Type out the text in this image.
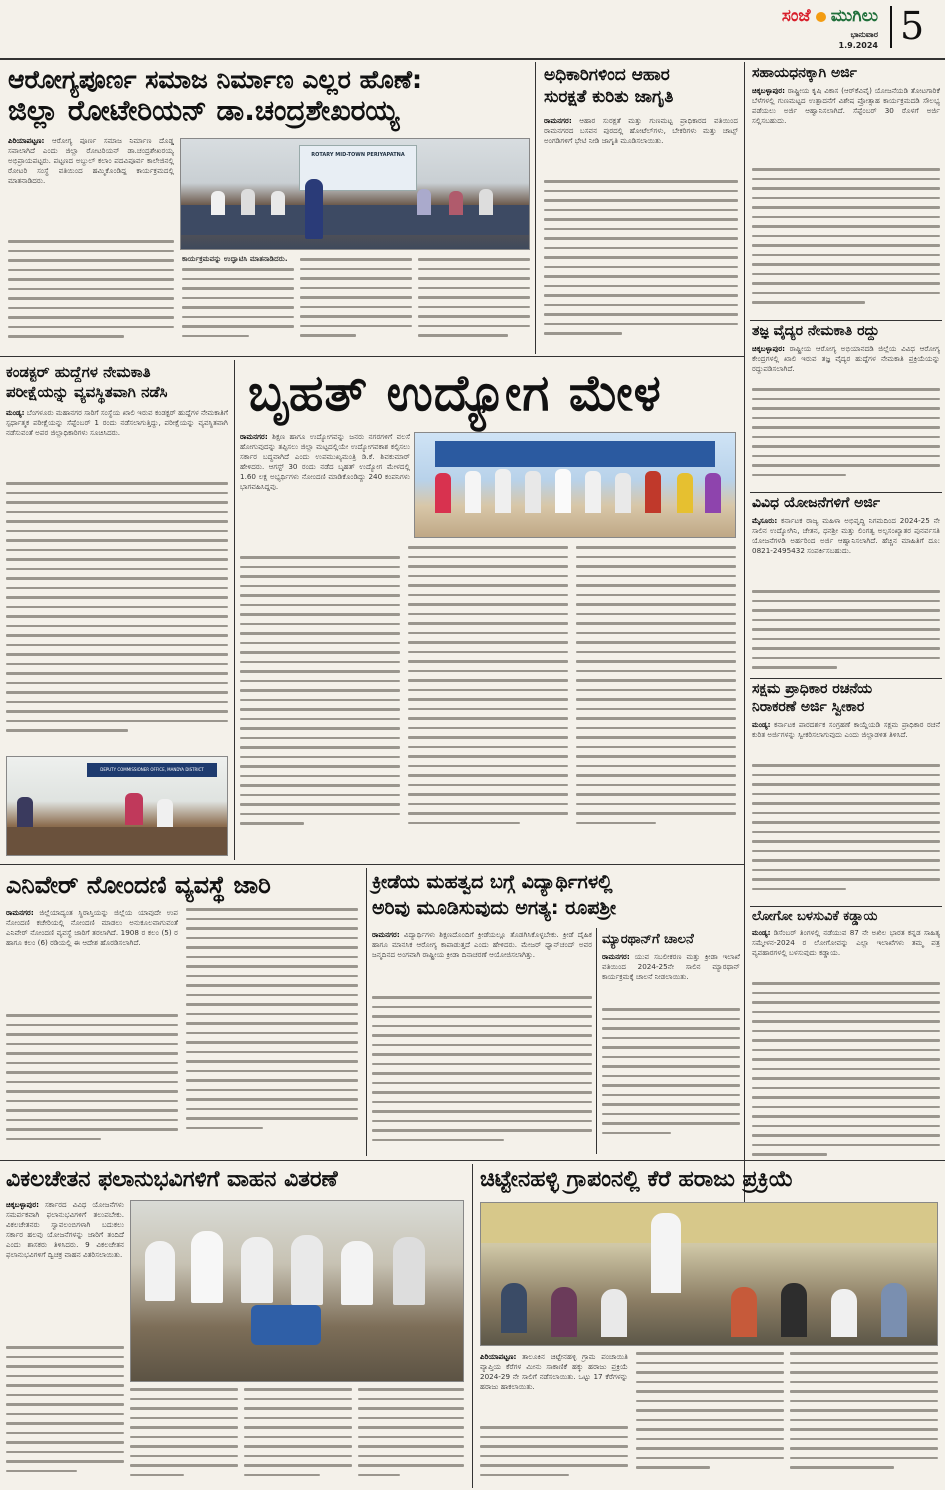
ಸಂಜೆ ಮುಗಿಲು
ಭಾನುವಾರ
1.9.2024 5
ಆರೋಗ್ಯಪೂರ್ಣ ಸಮಾಜ ನಿರ್ಮಾಣ ಎಲ್ಲರ ಹೊಣೆ:
ಜಿಲ್ಲಾ ರೋಟೇರಿಯನ್ ಡಾ.ಚಂದ್ರಶೇಖರಯ್ಯ
ಪಿರಿಯಾಪಟ್ಟಣ: ಆರೋಗ್ಯ ಪೂರ್ಣ ಸಮಾಜ ನಿರ್ಮಾಣ ದೊಡ್ಡ ಸವಾಲಾಗಿದೆ ಎಂದು ಜಿಲ್ಲಾ ರೋಟರಿಯನ್ ಡಾ.ಚಂದ್ರಶೇಖರಯ್ಯ ಅಭಿಪ್ರಾಯಪಟ್ಟರು. ಪಟ್ಟಣದ ಅಬ್ದುಲ್ ಕಲಾಂ ಪದವಿಪೂರ್ವ ಕಾಲೇಜಿನಲ್ಲಿ ರೋಟರಿ ಸಂಸ್ಥೆ ವತಿಯಿಂದ ಹಮ್ಮಿಕೊಂಡಿದ್ದ ಕಾರ್ಯಕ್ರಮದಲ್ಲಿ ಮಾತನಾಡಿದರು.
ROTARY MID-TOWN PERIYAPATNA
ಕಾರ್ಯಕ್ರಮವನ್ನು ಉದ್ಘಾಟಿಸಿ ಮಾತನಾಡಿದರು.
ಅಧಿಕಾರಿಗಳಿಂದ ಆಹಾರ
ಸುರಕ್ಷತೆ ಕುರಿತು ಜಾಗೃತಿ
ರಾಮನಗರ: ಆಹಾರ ಸುರಕ್ಷತೆ ಮತ್ತು ಗುಣಮಟ್ಟ ಪ್ರಾಧಿಕಾರದ ವತಿಯಿಂದ ರಾಮನಗರದ ಬಸವನ ಪುರದಲ್ಲಿ ಹೋಟೆಲ್‌ಗಳು, ಬೇಕರಿಗಳು ಮತ್ತು ಚಾಟ್ಸ್ ಅಂಗಡಿಗಳಿಗೆ ಭೇಟಿ ನೀಡಿ ಜಾಗೃತಿ ಮೂಡಿಸಲಾಯಿತು.
ಸಹಾಯಧನಕ್ಕಾಗಿ ಅರ್ಜಿ
ಚಿಕ್ಕಬಳ್ಳಾಪುರ: ರಾಷ್ಟ್ರೀಯ ಕೃಷಿ ವಿಕಾಸ (ಆರ್‌ಕೆವಿವೈ) ಯೋಜನೆಯಡಿ ತೋಟಗಾರಿಕೆ ಬೆಳೆಗಳಲ್ಲಿ ಗುಣಮಟ್ಟದ ಉತ್ಪಾದನೆಗೆ ವಿಶೇಷ ಪ್ರೋತ್ಸಾಹ ಕಾರ್ಯಕ್ರಮದಡಿ ಸೌಲಭ್ಯ ಪಡೆಯಲು ಅರ್ಜಿ ಆಹ್ವಾನಿಸಲಾಗಿದೆ. ಸೆಪ್ಟೆಂಬರ್ 30 ರೊಳಗೆ ಅರ್ಜಿ ಸಲ್ಲಿಸಬಹುದು.
ತಜ್ಞ ವೈದ್ಯರ ನೇಮಕಾತಿ ರದ್ದು
ಚಿಕ್ಕಬಳ್ಳಾಪುರ: ರಾಷ್ಟ್ರೀಯ ಆರೋಗ್ಯ ಅಭಿಯಾನದಡಿ ಜಿಲ್ಲೆಯ ವಿವಿಧ ಆರೋಗ್ಯ ಕೇಂದ್ರಗಳಲ್ಲಿ ಖಾಲಿ ಇರುವ ತಜ್ಞ ವೈದ್ಯರ ಹುದ್ದೆಗಳ ನೇಮಕಾತಿ ಪ್ರಕ್ರಿಯೆಯನ್ನು ರದ್ದುಪಡಿಸಲಾಗಿದೆ.
ವಿವಿಧ ಯೋಜನೆಗಳಿಗೆ ಅರ್ಜಿ
ಮೈಸೂರು: ಕರ್ನಾಟಕ ರಾಜ್ಯ ಮಹಿಳಾ ಅಭಿವೃದ್ಧಿ ನಿಗಮದಿಂದ 2024-25 ನೇ ಸಾಲಿನ ಉದ್ಯೋಗಿನಿ, ಚೇತನ, ಧನಶ್ರೀ ಮತ್ತು ಲಿಂಗತ್ವ ಅಲ್ಪಸಂಖ್ಯಾತರ ಪುನರ್ವಸತಿ ಯೋಜನೆಗಳಡಿ ಅರ್ಹರಿಂದ ಅರ್ಜಿ ಆಹ್ವಾನಿಸಲಾಗಿದೆ. ಹೆಚ್ಚಿನ ಮಾಹಿತಿಗೆ ದೂ: 0821-2495432 ಸಂಪರ್ಕಿಸಬಹುದು.
ಸಕ್ಷಮ ಪ್ರಾಧಿಕಾರ ರಚನೆಯ
ನಿರಾಕರಣೆ ಅರ್ಜಿ ಸ್ವೀಕಾರ
ಮಂಡ್ಯ: ಕರ್ನಾಟಕ ಪಾರದರ್ಶಕ ಸಂಗ್ರಹಣೆ ಕಾಯ್ದೆಯಡಿ ಸಕ್ಷಮ ಪ್ರಾಧಿಕಾರ ರಚನೆ ಕುರಿತ ಅರ್ಜಿಗಳನ್ನು ಸ್ವೀಕರಿಸಲಾಗುವುದು ಎಂದು ಜಿಲ್ಲಾಡಳಿತ ತಿಳಿಸಿದೆ.
ಲೋಗೋ ಬಳಸುವಿಕೆ ಕಡ್ಡಾಯ
ಮಂಡ್ಯ: ಡಿಸೆಂಬರ್ ತಿಂಗಳಲ್ಲಿ ನಡೆಯುವ 87 ನೇ ಅಖಿಲ ಭಾರತ ಕನ್ನಡ ಸಾಹಿತ್ಯ ಸಮ್ಮೇಳನ-2024 ರ ಲೋಗೋವನ್ನು ಎಲ್ಲಾ ಇಲಾಖೆಗಳು ತಮ್ಮ ಪತ್ರ ವ್ಯವಹಾರಗಳಲ್ಲಿ ಬಳಸುವುದು ಕಡ್ಡಾಯ.
ಕಂಡಕ್ಟರ್ ಹುದ್ದೆಗಳ ನೇಮಕಾತಿ
ಪರೀಕ್ಷೆಯನ್ನು ವ್ಯವಸ್ಥಿತವಾಗಿ ನಡೆಸಿ
ಮಂಡ್ಯ: ಬೆಂಗಳೂರು ಮಹಾನಗರ ಸಾರಿಗೆ ಸಂಸ್ಥೆಯ ಖಾಲಿ ಇರುವ ಕಂಡಕ್ಟರ್ ಹುದ್ದೆಗಳ ನೇಮಕಾತಿಗೆ ಸ್ಪರ್ಧಾತ್ಮಕ ಪರೀಕ್ಷೆಯನ್ನು ಸೆಪ್ಟೆಂಬರ್ 1 ರಂದು ನಡೆಸಲಾಗುತ್ತಿದ್ದು, ಪರೀಕ್ಷೆಯನ್ನು ವ್ಯವಸ್ಥಿತವಾಗಿ ನಡೆಸುವಂತೆ ಅಪರ ಜಿಲ್ಲಾಧಿಕಾರಿಗಳು ಸೂಚಿಸಿದರು.
DEPUTY COMMISSIONER OFFICE, MANDYA DISTRICT
ಬೃಹತ್ ಉದ್ಯೋಗ ಮೇಳ
ರಾಮನಗರ: ಶಿಕ್ಷಣ ಹಾಗೂ ಉದ್ಯೋಗವನ್ನು ಜನರು ನಗರಗಳಿಗೆ ವಲಸೆ ಹೋಗುವುದನ್ನು ತಪ್ಪಿಸಲು ಜಿಲ್ಲಾ ಮಟ್ಟದಲ್ಲಿಯೇ ಉದ್ಯೋಗವಕಾಶ ಕಲ್ಪಿಸಲು ಸರ್ಕಾರ ಬದ್ಧವಾಗಿದೆ ಎಂದು ಉಪಮುಖ್ಯಮಂತ್ರಿ ಡಿ.ಕೆ. ಶಿವಕುಮಾರ್ ಹೇಳಿದರು. ಆಗಸ್ಟ್ 30 ರಂದು ನಡೆದ ಬೃಹತ್ ಉದ್ಯೋಗ ಮೇಳದಲ್ಲಿ 1.60 ಲಕ್ಷ ಅಭ್ಯರ್ಥಿಗಳು ನೋಂದಣಿ ಮಾಡಿಕೊಂಡಿದ್ದು 240 ಕಂಪನಿಗಳು ಭಾಗವಹಿಸಿದ್ದವು.
ಎನಿವೇರ್ ನೋಂದಣಿ ವ್ಯವಸ್ಥೆ ಜಾರಿ
ರಾಮನಗರ: ಜಿಲ್ಲೆಯಾದ್ಯಂತ ಸ್ಥಿರಾಸ್ತಿಯನ್ನು ಜಿಲ್ಲೆಯ ಯಾವುದೇ ಉಪ ನೋಂದಣಿ ಕಚೇರಿಯಲ್ಲಿ ನೋಂದಣಿ ಮಾಡಲು ಅನುಕೂಲವಾಗುವಂತೆ ಎನಿವೇರ್ ನೋಂದಣಿ ವ್ಯವಸ್ಥೆ ಜಾರಿಗೆ ತರಲಾಗಿದೆ. 1908 ರ ಕಲಂ (5) ರ ಹಾಗೂ ಕಲಂ (6) ರಡಿಯಲ್ಲಿ ಈ ಆದೇಶ ಹೊರಡಿಸಲಾಗಿದೆ.
ಕ್ರೀಡೆಯ ಮಹತ್ವದ ಬಗ್ಗೆ ವಿದ್ಯಾರ್ಥಿಗಳಲ್ಲಿ
ಅರಿವು ಮೂಡಿಸುವುದು ಅಗತ್ಯ: ರೂಪಶ್ರೀ
ರಾಮನಗರ: ವಿದ್ಯಾರ್ಥಿಗಳು ಶಿಕ್ಷಣದೊಂದಿಗೆ ಕ್ರೀಡೆಯಲ್ಲೂ ತೊಡಗಿಸಿಕೊಳ್ಳಬೇಕು. ಕ್ರೀಡೆ ದೈಹಿಕ ಹಾಗೂ ಮಾನಸಿಕ ಆರೋಗ್ಯ ಕಾಪಾಡುತ್ತದೆ ಎಂದು ಹೇಳಿದರು. ಮೇಜರ್ ಧ್ಯಾನ್‌ಚಂದ್ ಅವರ ಜನ್ಮದಿನದ ಅಂಗವಾಗಿ ರಾಷ್ಟ್ರೀಯ ಕ್ರೀಡಾ ದಿನಾಚರಣೆ ಆಯೋಜಿಸಲಾಗಿತ್ತು.
ಮ್ಯಾರಥಾನ್‌ಗೆ ಚಾಲನೆ
ರಾಮನಗರ: ಯುವ ಸಬಲೀಕರಣ ಮತ್ತು ಕ್ರೀಡಾ ಇಲಾಖೆ ವತಿಯಿಂದ 2024-25ನೇ ಸಾಲಿನ ಮ್ಯಾರಥಾನ್ ಕಾರ್ಯಕ್ರಮಕ್ಕೆ ಚಾಲನೆ ನೀಡಲಾಯಿತು.
ವಿಕಲಚೇತನ ಫಲಾನುಭವಿಗಳಿಗೆ ವಾಹನ ವಿತರಣೆ
ಚಿಕ್ಕಬಳ್ಳಾಪುರ: ಸರ್ಕಾರದ ವಿವಿಧ ಯೋಜನೆಗಳು ಸಮರ್ಪಕವಾಗಿ ಫಲಾನುಭವಿಗಳಿಗೆ ತಲುಪಬೇಕು. ವಿಕಲಚೇತನರು ಸ್ವಾವಲಂಬಿಗಳಾಗಿ ಬದುಕಲು ಸರ್ಕಾರ ಹಲವು ಯೋಜನೆಗಳನ್ನು ಜಾರಿಗೆ ತಂದಿದೆ ಎಂದು ಶಾಸಕರು ತಿಳಿಸಿದರು. 9 ವಿಕಲಚೇತನ ಫಲಾನುಭವಿಗಳಿಗೆ ದ್ವಿಚಕ್ರ ವಾಹನ ವಿತರಿಸಲಾಯಿತು.
ಚಿಟ್ಟೇನಹಳ್ಳಿ ಗ್ರಾಪಂನಲ್ಲಿ ಕೆರೆ ಹರಾಜು ಪ್ರಕ್ರಿಯೆ
ಪಿರಿಯಾಪಟ್ಟಣ: ತಾಲೂಕಿನ ಚಿಟ್ಟೇನಹಳ್ಳಿ ಗ್ರಾಮ ಪಂಚಾಯಿತಿ ವ್ಯಾಪ್ತಿಯ ಕೆರೆಗಳ ಮೀನು ಸಾಕಾಣಿಕೆ ಹಕ್ಕು ಹರಾಜು ಪ್ರಕ್ರಿಯೆ 2024-29 ನೇ ಸಾಲಿಗೆ ನಡೆಸಲಾಯಿತು. ಒಟ್ಟು 17 ಕೆರೆಗಳನ್ನು ಹರಾಜು ಹಾಕಲಾಯಿತು.
